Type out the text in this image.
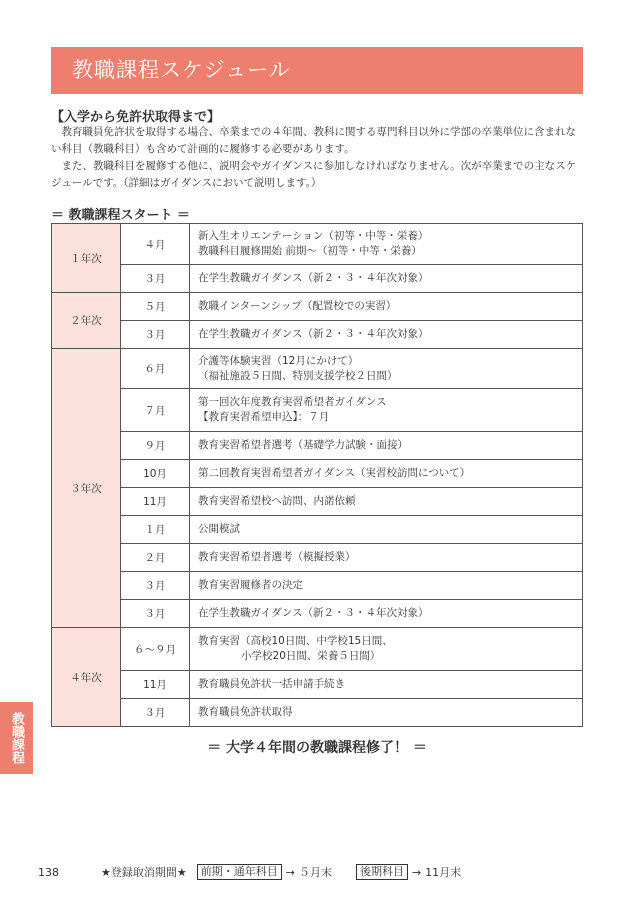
教職課程スケジュール
【入学から免許状取得まで】
教育職員免許状を取得する場合、卒業までの４年間、教科に関する専門科目以外に学部の卒業単位に含まれない科目（教職科目）も含めて計画的に履修する必要があります。
また、教職科目を履修する他に、説明会やガイダンスに参加しなければなりません。次が卒業までの主なスケジュールです。（詳細はガイダンスにおいて説明します。）
＝ 教職課程スタート ＝
１年次	４月	新入生オリエンテーション（初等・中等・栄養）
教職科目履修開始 前期〜（初等・中等・栄養）

	３月	在学生教職ガイダンス（新２・３・４年次対象）
２年次	５月	教職インターンシップ（配置校での実習）
	３月	在学生教職ガイダンス（新２・３・４年次対象）
３年次	６月	介護等体験実習（12月にかけて）
（福祉施設５日間、特別支援学校２日間）

	７月	第一回次年度教育実習希望者ガイダンス
【教育実習希望申込】：７月

	９月	教育実習希望者選考（基礎学力試験・面接）
	10月	第二回教育実習希望者ガイダンス（実習校訪問について）
	11月	教育実習希望校へ訪問、内諾依頼
	１月	公開模試
	２月	教育実習希望者選考（模擬授業）
	３月	教育実習履修者の決定
	３月	在学生教職ガイダンス（新２・３・４年次対象）
４年次	６〜９月	教育実習（高校10日間、中学校15日間、
小学校20日間、栄養５日間）

	11月	教育職員免許状一括申請手続き
	３月	教育職員免許状取得
＝ 大学４年間の教職課程修了！ ＝
教職課程
138	★登録取消期間★	前期・通年科目 → ５月末	後期科目 → 11月末
